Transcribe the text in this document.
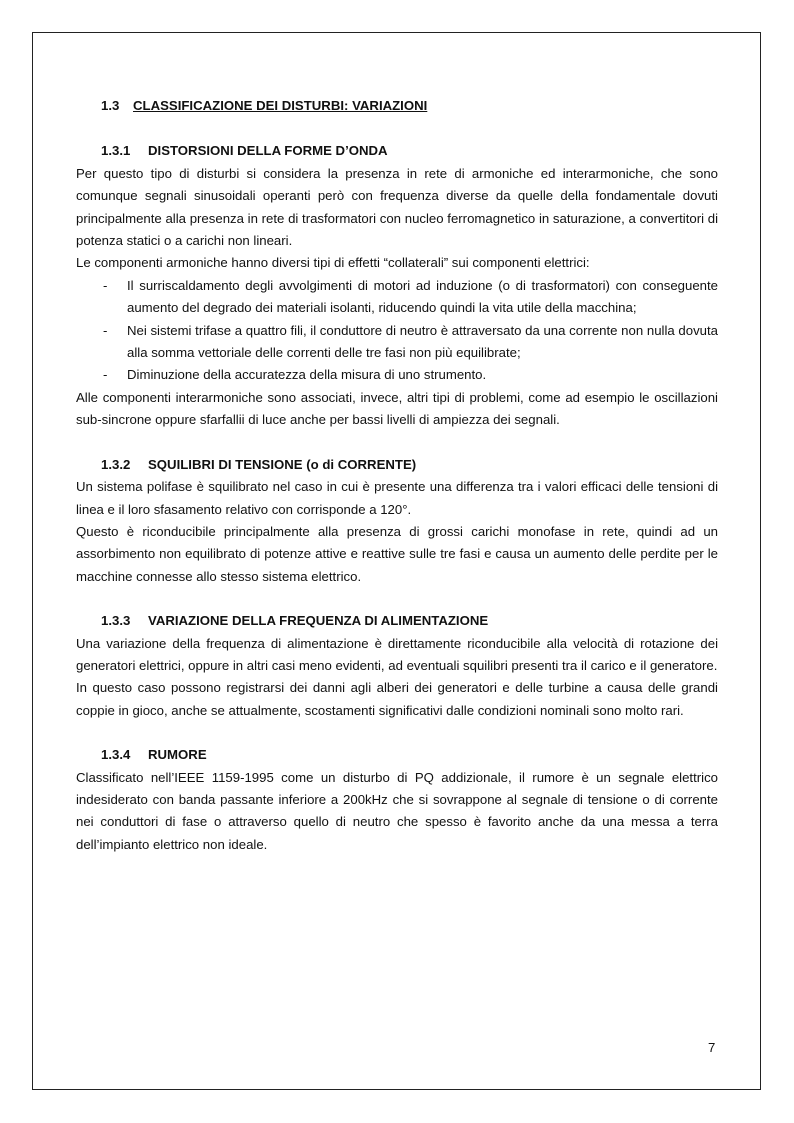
1.3 CLASSIFICAZIONE DEI DISTURBI: VARIAZIONI
1.3.1 DISTORSIONI DELLA FORME D’ONDA

Per questo tipo di disturbi si considera la presenza in rete di armoniche ed interarmoniche, che sono comunque segnali sinusoidali operanti però con frequenza diverse da quelle della fondamentale dovuti principalmente alla presenza in rete di trasformatori con nucleo ferromagnetico in saturazione, a convertitori di potenza statici o a carichi non lineari.

Le componenti armoniche hanno diversi tipi di effetti “collaterali” sui componenti elettrici:

- Il surriscaldamento degli avvolgimenti di motori ad induzione (o di trasformatori) con conseguente aumento del degrado dei materiali isolanti, riducendo quindi la vita utile della macchina;
- Nei sistemi trifase a quattro fili, il conduttore di neutro è attraversato da una corrente non nulla dovuta alla somma vettoriale delle correnti delle tre fasi non più equilibrate;
- Diminuzione della accuratezza della misura di uno strumento.

Alle componenti interarmoniche sono associati, invece, altri tipi di problemi, come ad esempio le oscillazioni sub-sincrone oppure sfarfallii di luce anche per bassi livelli di ampiezza dei segnali.

1.3.2 SQUILIBRI DI TENSIONE (o di CORRENTE)

Un sistema polifase è squilibrato nel caso in cui è presente una differenza tra i valori efficaci delle tensioni di linea e il loro sfasamento relativo con corrisponde a 120°.

Questo è riconducibile principalmente alla presenza di grossi carichi monofase in rete, quindi ad un assorbimento non equilibrato di potenze attive e reattive sulle tre fasi e causa un aumento delle perdite per le macchine connesse allo stesso sistema elettrico.

1.3.3 VARIAZIONE DELLA FREQUENZA DI ALIMENTAZIONE

Una variazione della frequenza di alimentazione è direttamente riconducibile alla velocità di rotazione dei generatori elettrici, oppure in altri casi meno evidenti, ad eventuali squilibri presenti tra il carico e il generatore.

In questo caso possono registrarsi dei danni agli alberi dei generatori e delle turbine a causa delle grandi coppie in gioco, anche se attualmente, scostamenti significativi dalle condizioni nominali sono molto rari.

1.3.4 RUMORE

Classificato nell’IEEE 1159-1995 come un disturbo di PQ addizionale, il rumore è un segnale elettrico indesiderato con banda passante inferiore a 200kHz che si sovrappone al segnale di tensione o di corrente nei conduttori di fase o attraverso quello di neutro che spesso è favorito anche da una messa a terra dell’impianto elettrico non ideale.

7
